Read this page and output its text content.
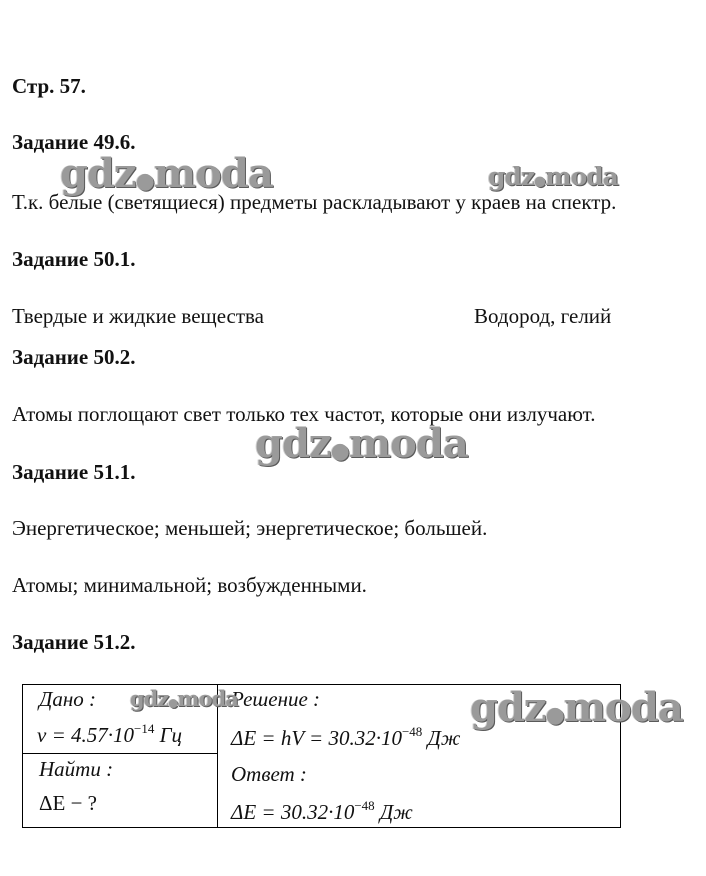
Стр. 57.
Задание 49.6.
Т.к. белые (светящиеся) предметы раскладывают у краев на спектр.
Задание 50.1.
Твердые и жидкие вещества	Водород, гелий
Задание 50.2.
Атомы поглощают свет только тех частот, которые они излучают.
Задание 51.1.
Энергетическое; меньшей; энергетическое; большей.
Атомы; минимальной; возбужденными.
Задание 51.2.
Дано :
$\nu = 4.57\cdot 10^{-14}$ Гц
Найти :
ΔE − ?
Решение :
ΔE = hV = $30.32\cdot 10^{-48}$ Дж
Ответ :
$\Delta E = 30.32\cdot 10^{-48}$ Дж
gdz●moda	gdz●moda
gdz●moda
gdz●moda	gdz●moda
